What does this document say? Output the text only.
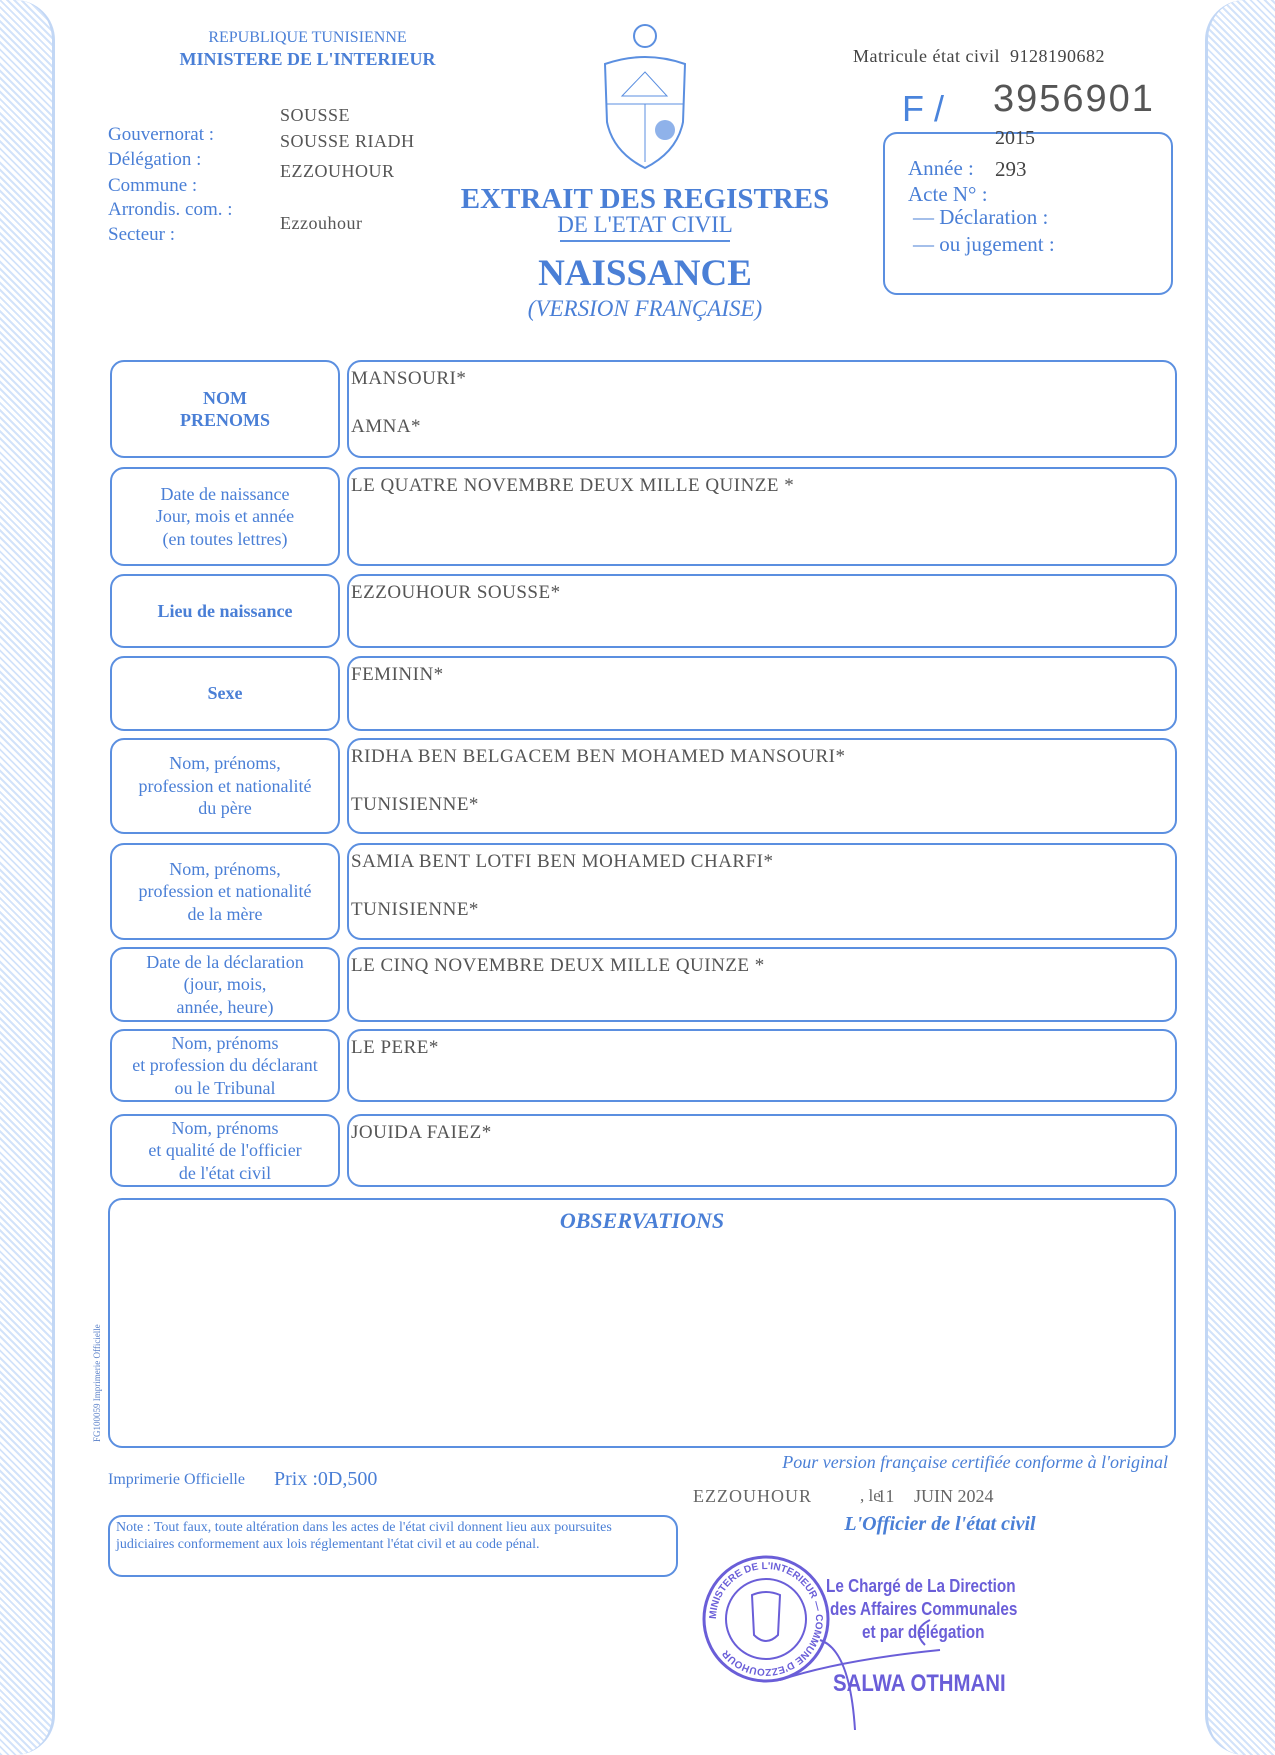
REPUBLIQUE TUNISIENNE
MINISTERE DE L'INTERIEUR
Gouvernorat :
Délégation :
Commune :
Arrondis. com. :
Secteur :
SOUSSE
SOUSSE RIADH
EZZOUHOUR
Ezzouhour
EXTRAIT DES REGISTRES
DE L'ETAT CIVIL
NAISSANCE
(VERSION FRANÇAISE)
Matricule état civil 9128190682
F / 3956901
2015
Année : 293
Acte N° :
— Déclaration :
— ou jugement :
NOM
PRENOMS
MANSOURI*
AMNA*
Date de naissance
Jour, mois et année
(en toutes lettres)
LE QUATRE NOVEMBRE DEUX MILLE QUINZE *
Lieu de naissance
EZZOUHOUR SOUSSE*
Sexe
FEMININ*
Nom, prénoms,
profession et nationalité
du père
RIDHA BEN BELGACEM BEN MOHAMED MANSOURI*
TUNISIENNE*
Nom, prénoms,
profession et nationalité
de la mère
SAMIA BENT LOTFI BEN MOHAMED CHARFI*
TUNISIENNE*
Date de la déclaration
(jour, mois,
année, heure)
LE CINQ NOVEMBRE DEUX MILLE QUINZE *
Nom, prénoms
et profession du déclarant
ou le Tribunal
LE PERE*
Nom, prénoms
et qualité de l'officier
de l'état civil
JOUIDA FAIEZ*
OBSERVATIONS
FG100059 Imprimerie Officielle
Imprimerie Officielle Prix :0D,500
Pour version française certifiée conforme à l'original
EZZOUHOUR	, le
11 JUIN 2024
L'Officier de l'état civil
Note : Tout faux, toute altération dans les actes de l'état civil donnent lieu aux poursuites judiciaires conformement aux lois réglementant l'état civil et au code pénal.
MINISTERE DE L'INTERIEUR — COMMUNE D'EZZOUHOUR
Le Chargé de La Direction
des Affaires Communales
et par délégation
SALWA OTHMANI
